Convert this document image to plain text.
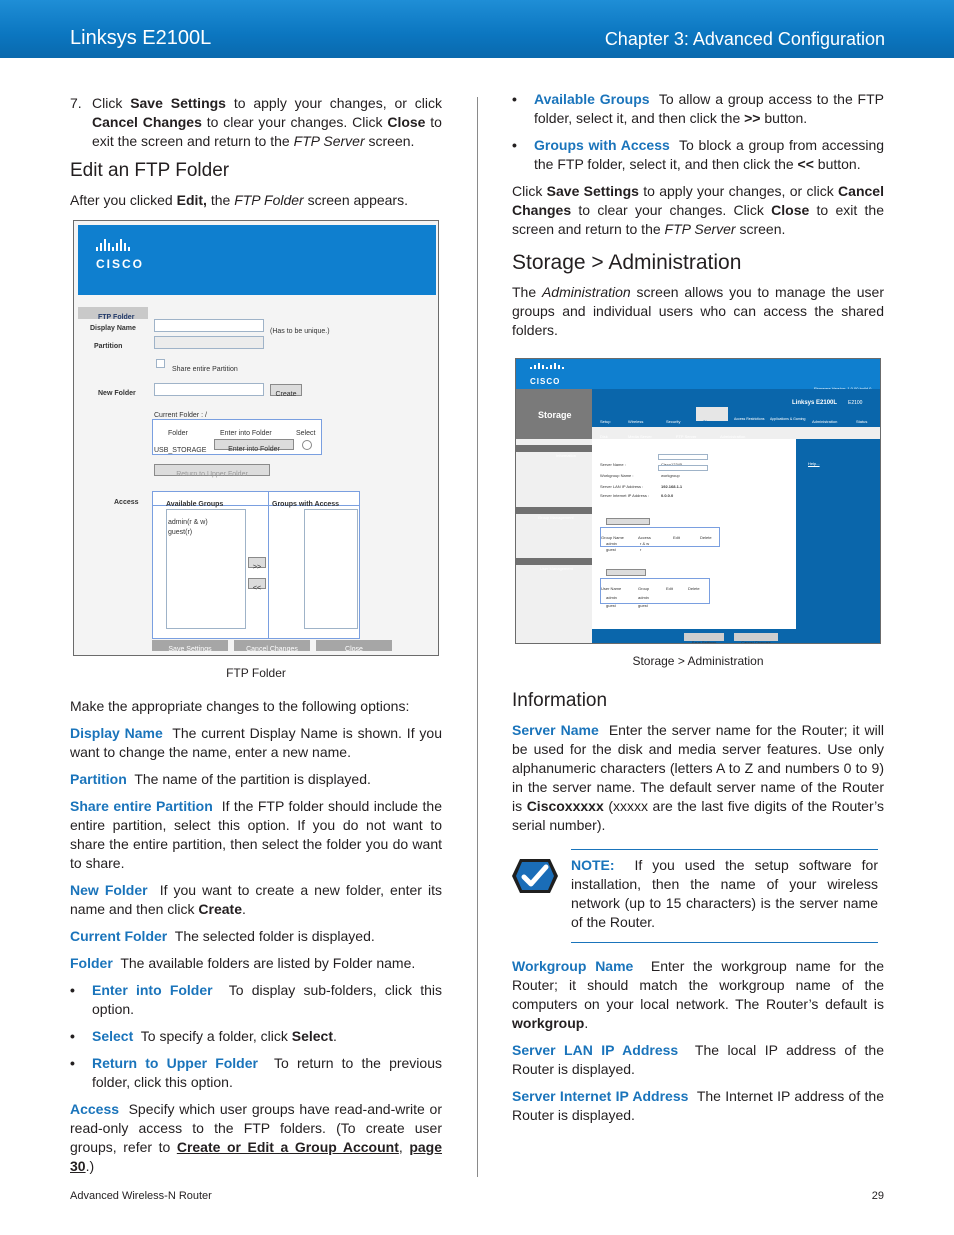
Linksys E2100L	Chapter 3: Advanced Configuration
7. Click Save Settings to apply your changes, or click Cancel Changes to clear your changes. Click Close to exit the screen and return to the FTP Server screen.

Edit an FTP Folder

After you clicked Edit, the FTP Folder screen appears.

CISCO
FTP Folder
Display Name	(Has to be unique.)
Partition
Share entire Partition
New Folder	Create
Current Folder : /
Folder	Enter into Folder	Select
USB_STORAGE	Enter into Folder
Return to Upper Folder
Access	Available Groups	Groups with Access
admin(r & w)
guest(r)
>>
<<
Save Settings	Cancel Changes	Close
FTP Folder

Make the appropriate changes to the following options:

Display Name The current Display Name is shown. If you want to change the name, enter a new name.

Partition The name of the partition is displayed.

Share entire Partition If the FTP folder should include the entire partition, select this option. If you do not want to share the entire partition, then select the folder you do want to share.

New Folder If you want to create a new folder, enter its name and then click Create.

Current Folder The selected folder is displayed.

Folder The available folders are listed by Folder name.

•	Enter into Folder To display sub-folders, click this option.

•	Select To specify a folder, click Select.

•	Return to Upper Folder To return to the previous folder, click this option.

Access Specify which user groups have read-and-write or read-only access to the FTP folders. (To create user groups, refer to Create or Edit a Group Account, page 30.)

•	Available Groups To allow a group access to the FTP folder, select it, and then click the >> button.

•	Groups with Access To block a group from accessing the FTP folder, select it, and then click the << button.

Click Save Settings to apply your changes, or click Cancel Changes to clear your changes. Click Close to exit the screen and return to the FTP Server screen.

Storage > Administration

The Administration screen allows you to manage the user groups and individual users who can access the shared folders.

CISCO
Storage
Linksys E2100L E2100
Setup	Wireless	Security	Storage	Access Restrictions Applications & Gaming Administration	Status
Disk	Media Server	FTP Server	Administration
Information
Group Management
User Management
Server Name :
Workgroup Name :	workgroup
Server LAN IP Address :	192.168.1.1
Server Internet IP Address :	0.0.0.0
Group Name	Access	Edit	Delete
admin	r & w
guest	r
User Name	Group	Edit	Delete
admin	admin
guest	guest
Help...
Storage > Administration
Information

Server Name Enter the server name for the Router; it will be used for the disk and media server features. Use only alphanumeric characters (letters A to Z and numbers 0 to 9) in the server name. The default server name of the Router is Ciscoxxxxx (xxxxx are the last five digits of the Router’s serial number).

NOTE: If you used the setup software for installation, then the name of your wireless network (up to 15 characters) is the server name of the Router.

Workgroup Name Enter the workgroup name for the Router; it should match the workgroup name of the computers on your local network. The Router’s default is workgroup.

Server LAN IP Address The local IP address of the Router is displayed.

Server Internet IP Address The Internet IP address of the Router is displayed.

Advanced Wireless-N Router	29
